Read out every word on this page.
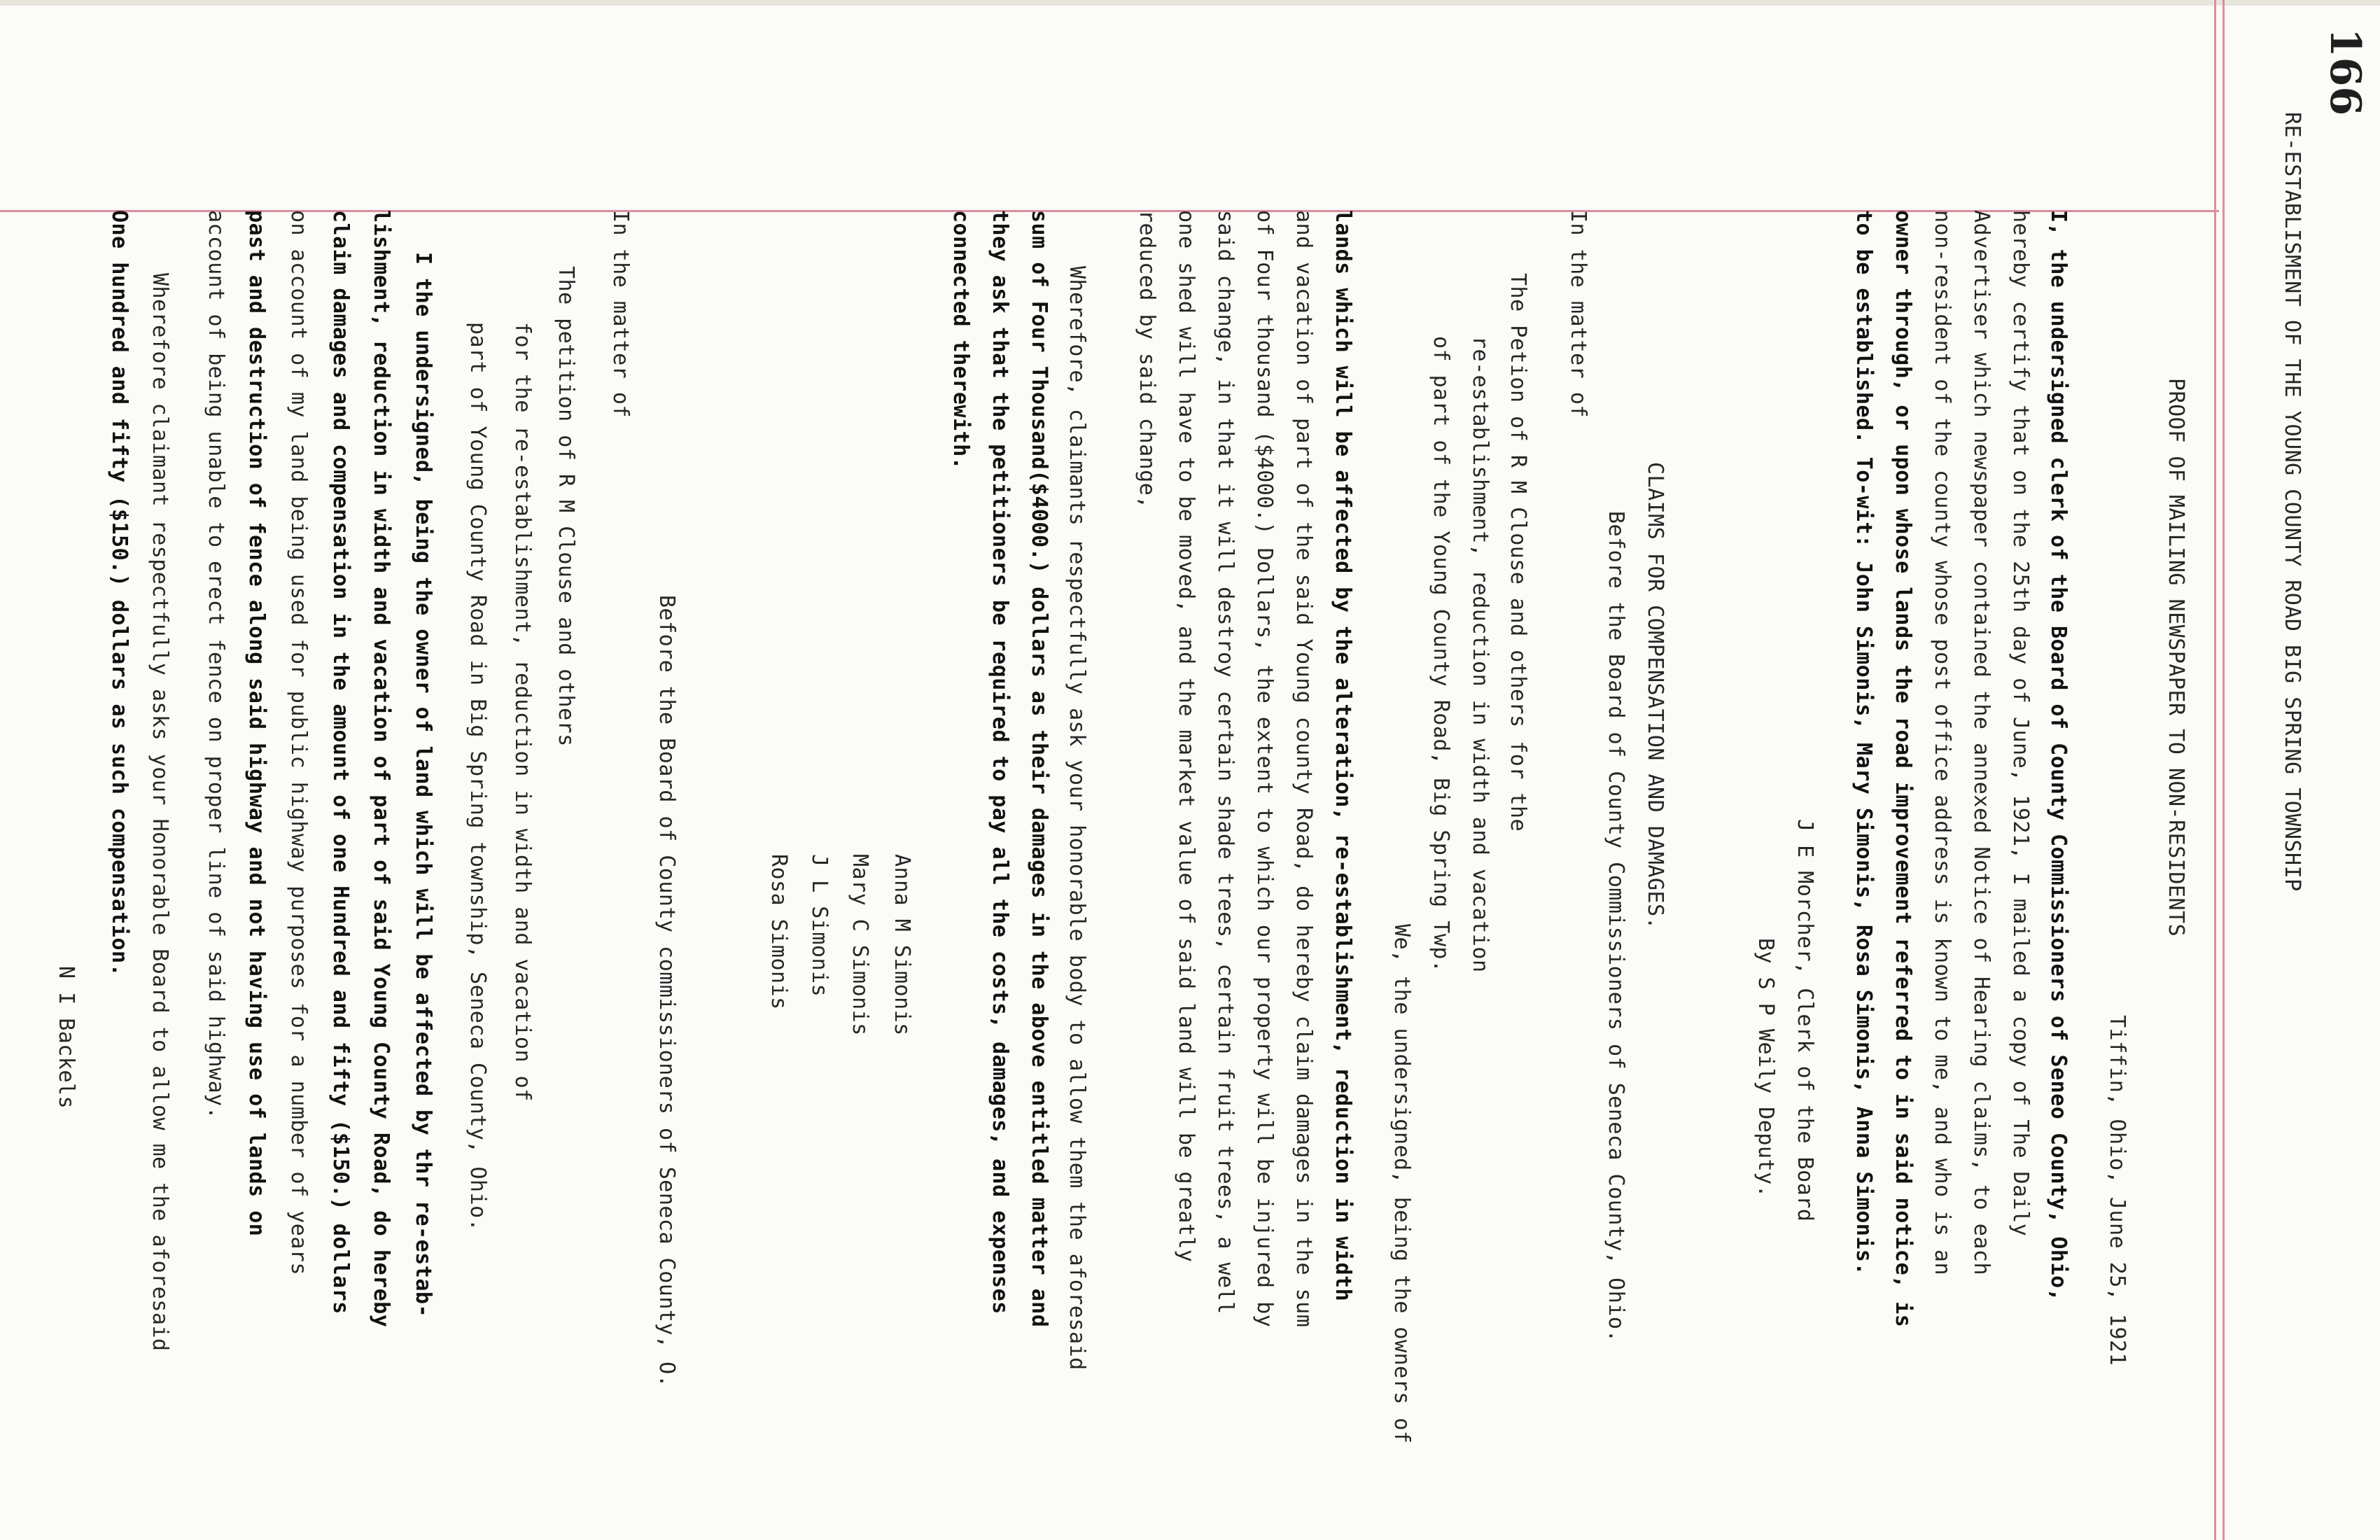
166
RE-ESTABLISMENT OF THE YOUNG COUNTY ROAD BIG SPRING TOWNSHIP
PROOF OF MAILING NEWSPAPER TO NON-RESIDENTS
Tiffin, Ohio, June 25, 1921
I, the undersigned clerk of the Board of County Commissioners of Seneo County, Ohio,
hereby certify that on the 25th day of June, 1921, I mailed a copy of The Daily
Advertiser which newspaper contained the annexed Notice of Hearing claims, to each
non-resident of the county whose post office address is known to me, and who is an
owner through, or upon whose lands the road improvement referred to in said notice, is
to be established. To-wit: John Simonis, Mary Simonis, Rosa Simonis, Anna Simonis.
J E Morcher, Clerk of the Board
By S P Weily Deputy.
CLAIMS FOR COMPENSATION AND DAMAGES.
Before the Board of County Commissioners of Seneca County, Ohio.
In the matter of
The Petion of R M Clouse and others for the
re-establishment, reduction in width and vacation
of part of the Young County Road, Big Spring Twp.
We, the undersigned, being the owners of
lands which will be affected by the alteration, re-establishment, reduction in width
and vacation of part of the said Young county Road, do hereby claim damages in the sum
of Four thousand ($4000.) Dollars, the extent to which our property will be injured by
said change, in that it will destroy certain shade trees, certain fruit trees, a well
one shed will have to be moved, and the market value of said land will be greatly
reduced by said change,
Wherefore, claimants respectfully ask your honorable body to allow them the aforesaid
sum of Four Thousand($4000.) dollars as their damages in the above entitled matter and
they ask that the petitioners be required to pay all the costs, damages, and expenses
connected therewith.
Anna M Simonis
Mary C Simonis
J L Simonis
Rosa Simonis
Before the Board of County commissioners of Seneca County, O.
In the matter of
The petition of R M Clouse and others
for the re-establishment, reduction in width and vacation of
part of Young County Road in Big Spring township, Seneca County, Ohio.
I the undersigned, being the owner of land which will be affected by thr re-estab-
lishment, reduction in width and vacation of part of said Young County Road, do hereby
claim damages and compensation in the amount of one Hundred and fifty ($150.) dollars
on account of my land being used for public highway purposes for a number of years
past and destruction of fence along said highway and not having use of lands on
account of being unable to erect fence on proper line of said highway.
Wherefore claimant respectfully asks your Honorable Board to allow me the aforesaid
One hundred and fifty ($150.) dollars as such compensation.
N I Backels
